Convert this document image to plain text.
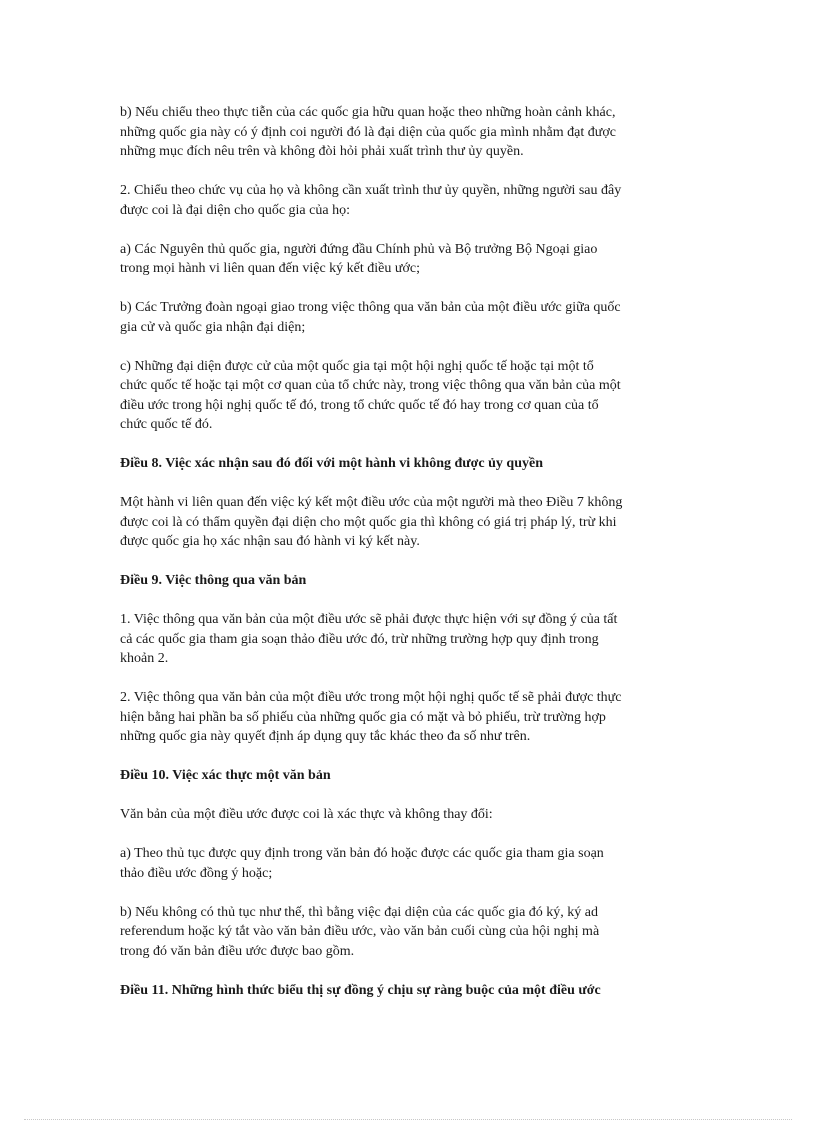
b) Nếu chiểu theo thực tiễn của các quốc gia hữu quan hoặc theo những hoàn cảnh khác,
những quốc gia này có ý định coi người đó là đại diện của quốc gia mình nhằm đạt được
những mục đích nêu trên và không đòi hỏi phải xuất trình thư ủy quyền.

2. Chiểu theo chức vụ của họ và không cần xuất trình thư ủy quyền, những người sau đây
được coi là đại diện cho quốc gia của họ:

a) Các Nguyên thủ quốc gia, người đứng đầu Chính phủ và Bộ trưởng Bộ Ngoại giao
trong mọi hành vi liên quan đến việc ký kết điều ước;

b) Các Trưởng đoàn ngoại giao trong việc thông qua văn bản của một điều ước giữa quốc
gia cử và quốc gia nhận đại diện;

c) Những đại diện được cử của một quốc gia tại một hội nghị quốc tế hoặc tại một tổ
chức quốc tế hoặc tại một cơ quan của tổ chức này, trong việc thông qua văn bản của một
điều ước trong hội nghị quốc tế đó, trong tổ chức quốc tế đó hay trong cơ quan của tổ
chức quốc tế đó.

Điều 8. Việc xác nhận sau đó đối với một hành vi không được ủy quyền

Một hành vi liên quan đến việc ký kết một điều ước của một người mà theo Điều 7 không
được coi là có thẩm quyền đại diện cho một quốc gia thì không có giá trị pháp lý, trừ khi
được quốc gia họ xác nhận sau đó hành vi ký kết này.

Điều 9. Việc thông qua văn bản

1. Việc thông qua văn bản của một điều ước sẽ phải được thực hiện với sự đồng ý của tất
cả các quốc gia tham gia soạn thảo điều ước đó, trừ những trường hợp quy định trong
khoản 2.

2. Việc thông qua văn bản của một điều ước trong một hội nghị quốc tế sẽ phải được thực
hiện bằng hai phần ba số phiếu của những quốc gia có mặt và bỏ phiếu, trừ trường hợp
những quốc gia này quyết định áp dụng quy tắc khác theo đa số như trên.

Điều 10. Việc xác thực một văn bản

Văn bản của một điều ước được coi là xác thực và không thay đổi:

a) Theo thủ tục được quy định trong văn bản đó hoặc được các quốc gia tham gia soạn
thảo điều ước đồng ý hoặc;

b) Nếu không có thủ tục như thế, thì bằng việc đại diện của các quốc gia đó ký, ký ad
referendum hoặc ký tắt vào văn bản điều ước, vào văn bản cuối cùng của hội nghị mà
trong đó văn bản điều ước được bao gồm.

Điều 11. Những hình thức biểu thị sự đồng ý chịu sự ràng buộc của một điều ước
